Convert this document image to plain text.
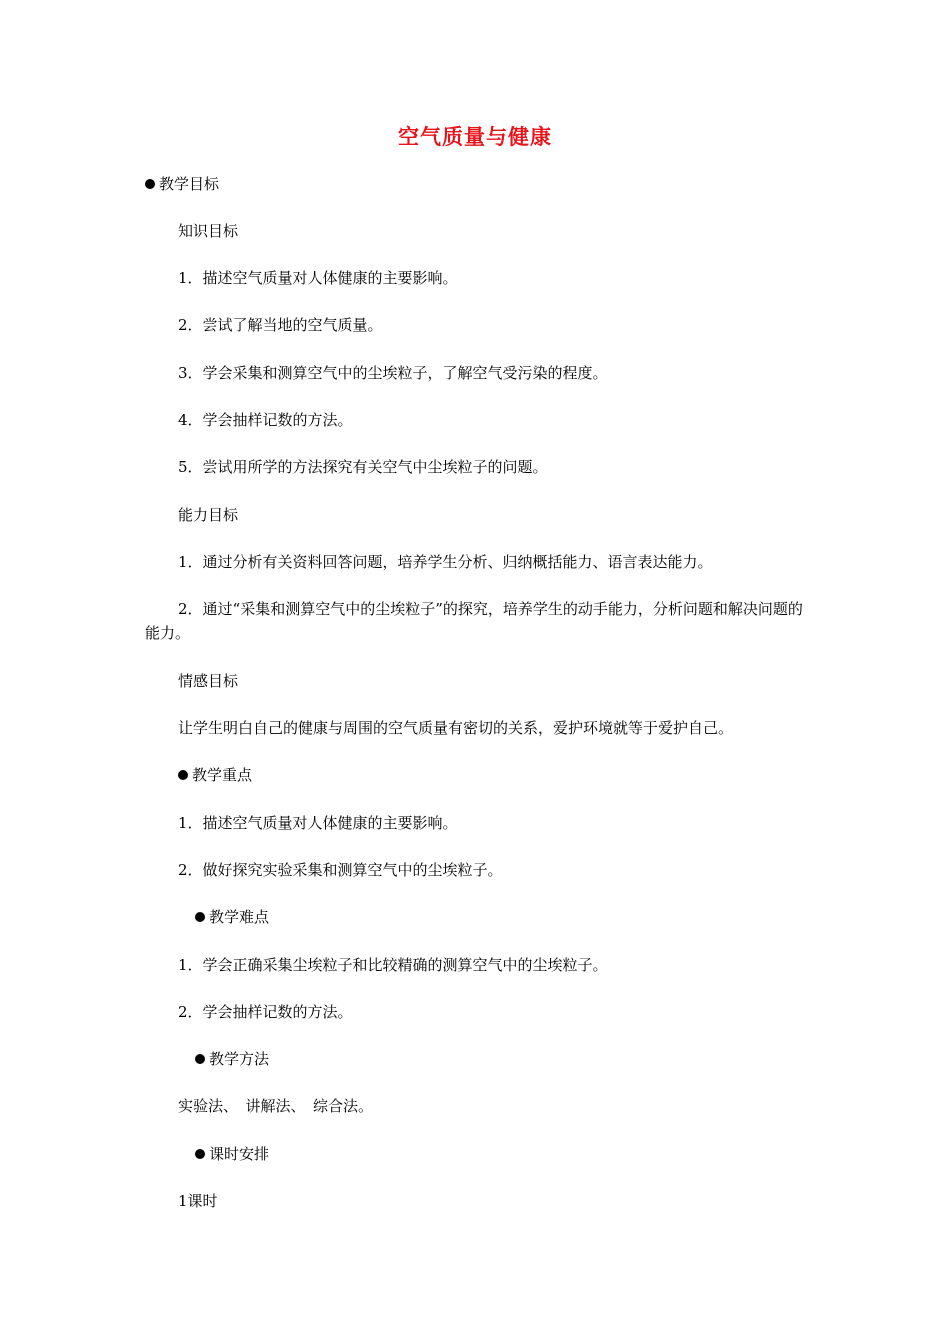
空气质量与健康
教学目标
知识目标
1．描述空气质量对人体健康的主要影响。
2．尝试了解当地的空气质量。
3．学会采集和测算空气中的尘埃粒子，了解空气受污染的程度。
4．学会抽样记数的方法。
5．尝试用所学的方法探究有关空气中尘埃粒子的问题。
能力目标
1．通过分析有关资料回答问题，培养学生分析、归纳概括能力、语言表达能力。
2．通过“采集和测算空气中的尘埃粒子”的探究，培养学生的动手能力，分析问题和解决问题的能力。
情感目标
让学生明白自己的健康与周围的空气质量有密切的关系，爱护环境就等于爱护自己。
教学重点
1．描述空气质量对人体健康的主要影响。
2．做好探究实验采集和测算空气中的尘埃粒子。
教学难点
1．学会正确采集尘埃粒子和比较精确的测算空气中的尘埃粒子。
2．学会抽样记数的方法。
教学方法
实验法、　讲解法、　综合法。
课时安排
1课时
